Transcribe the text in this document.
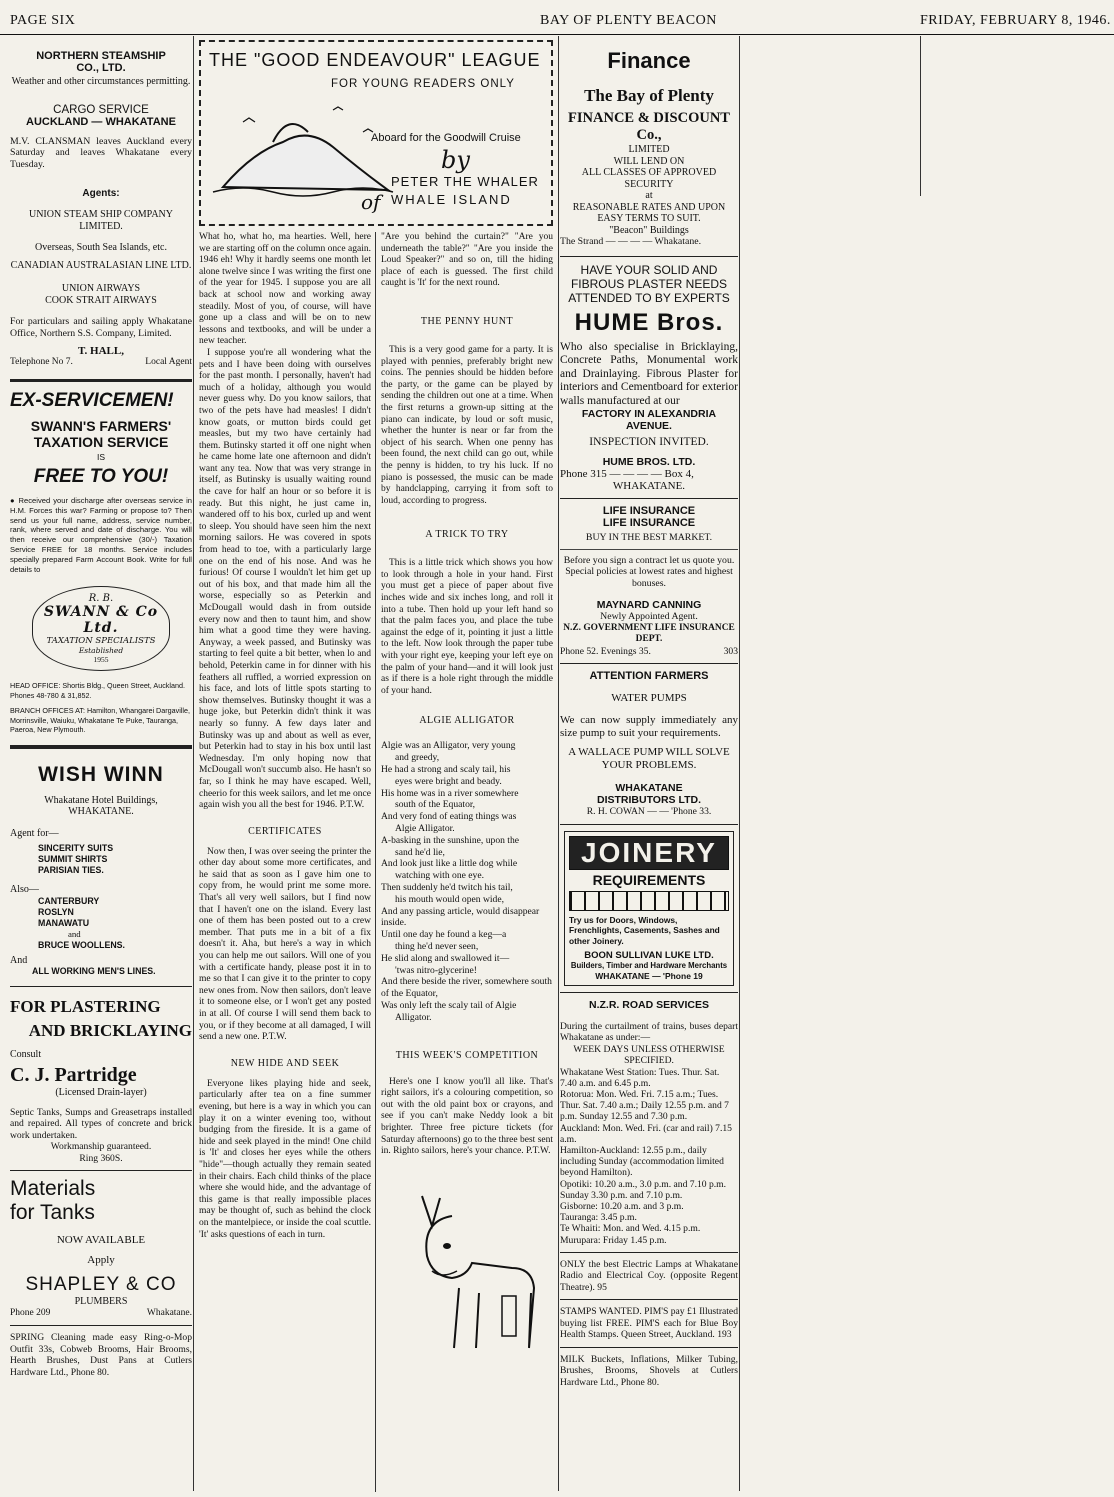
PAGE SIX	BAY OF PLENTY BEACON	FRIDAY, FEBRUARY 8, 1946.
NORTHERN STEAMSHIP
CO., LTD.
Weather and other circumstances permitting.
CARGO SERVICE
AUCKLAND — WHAKATANE
M.V. CLANSMAN leaves Auckland every Saturday and leaves Whakatane every Tuesday.
Agents:
UNION STEAM SHIP COMPANY LIMITED.
Overseas, South Sea Islands, etc.
CANADIAN AUSTRALASIAN LINE LTD.
UNION AIRWAYS
COOK STRAIT AIRWAYS
For particulars and sailing apply Whakatane Office, Northern S.S. Company, Limited.
T. HALL,
Telephone No 7.	Local Agent
EX-SERVICEMEN!
SWANN'S FARMERS'
TAXATION SERVICE
IS
FREE TO YOU!
● Received your discharge after overseas service in H.M. Forces this war? Farming or propose to? Then send us your full name, address, service number, rank, where served and date of discharge. You will then receive our comprehensive (30/-) Taxation Service FREE for 18 months. Service includes specially prepared Farm Account Book. Write for full details to
R. B.
SWANN & Co Ltd.
TAXATION SPECIALISTS
Established
1955
HEAD OFFICE: Shortis Bldg., Queen Street, Auckland. Phones 48-780 & 31,852.
BRANCH OFFICES AT: Hamilton, Whangarei Dargaville, Morrinsville, Waiuku, Whakatane Te Puke, Tauranga, Paeroa, New Plymouth.
WISH WINN
Whakatane Hotel Buildings,
WHAKATANE.
Agent for—
SINCERITY SUITS
SUMMIT SHIRTS
PARISIAN TIES.
Also—
CANTERBURY
ROSLYN
MANAWATU
and
BRUCE WOOLLENS.
And
ALL WORKING MEN'S LINES.
FOR PLASTERING
AND BRICKLAYING
Consult
C. J. Partridge
(Licensed Drain-layer)
Septic Tanks, Sumps and Greasetraps installed and repaired. All types of concrete and brick work undertaken.
Workmanship guaranteed.
Ring 360S.
Materials
for Tanks
NOW AVAILABLE
Apply
SHAPLEY & CO
PLUMBERS
Phone 209	Whakatane.
SPRING Cleaning made easy Ring-o-Mop Outfit 33s, Cobweb Brooms, Hair Brooms, Hearth Brushes, Dust Pans at Cutlers Hardware Ltd., Phone 80.
THE "GOOD ENDEAVOUR" LEAGUE
FOR YOUNG READERS ONLY
Aboard for the Goodwill Cruise
by
PETER THE WHALER
of WHALE ISLAND

What ho, what ho, ma hearties. Well, here we are starting off on the column once again. 1946 eh! Why it hardly seems one month let alone twelve since I was writing the first one of the year for 1945. I suppose you are all back at school now and working away steadily. Most of you, of course, will have gone up a class and will be on to new lessons and textbooks, and will be under a new teacher.

I suppose you're all wondering what the pets and I have been doing with ourselves for the past month. I personally, haven't had much of a holiday, although you would never guess why. Do you know sailors, that two of the pets have had measles! I didn't know goats, or mutton birds could get measles, but my two have certainly had them. Butinsky started it off one night when he came home late one afternoon and didn't want any tea. Now that was very strange in itself, as Butinsky is usually waiting round the cave for half an hour or so before it is ready. But this night, he just came in, wandered off to his box, curled up and went to sleep. You should have seen him the next morning sailors. He was covered in spots from head to toe, with a particularly large one on the end of his nose. And was he furious! Of course I wouldn't let him get up out of his box, and that made him all the worse, especially so as Peterkin and McDougall would dash in from outside every now and then to taunt him, and show him what a good time they were having. Anyway, a week passed, and Butinsky was starting to feel quite a bit better, when lo and behold, Peterkin came in for dinner with his feathers all ruffled, a worried expression on his face, and lots of little spots starting to show themselves. Butinsky thought it was a huge joke, but Peterkin didn't think it was nearly so funny. A few days later and Butinsky was up and about as well as ever, but Peterkin had to stay in his box until last Wednesday. I'm only hoping now that McDougall won't succumb also. He hasn't so far, so I think he may have escaped. Well, cheerio for this week sailors, and let me once again wish you all the best for 1946. P.T.W.

CERTIFICATES

Now then, I was over seeing the printer the other day about some more certificates, and he said that as soon as I gave him one to copy from, he would print me some more. That's all very well sailors, but I find now that I haven't one on the island. Every last one of them has been posted out to a crew member. That puts me in a bit of a fix doesn't it. Aha, but here's a way in which you can help me out sailors. Will one of you with a certificate handy, please post it in to me so that I can give it to the printer to copy new ones from. Now then sailors, don't leave it to someone else, or I won't get any posted in at all. Of course I will send them back to you, or if they become at all damaged, I will send a new one. P.T.W.

NEW HIDE AND SEEK

Everyone likes playing hide and seek, particularly after tea on a fine summer evening, but here is a way in which you can play it on a winter evening too, without budging from the fireside. It is a game of hide and seek played in the mind! One child is 'It' and closes her eyes while the others "hide"—though actually they remain seated in their chairs. Each child thinks of the place where she would hide, and the advantage of this game is that really impossible places may be thought of, such as behind the clock on the mantelpiece, or inside the coal scuttle. 'It' asks questions of each in turn.

"Are you behind the curtain?" "Are you underneath the table?" "Are you inside the Loud Speaker?" and so on, till the hiding place of each is guessed. The first child caught is 'It' for the next round.

THE PENNY HUNT

This is a very good game for a party. It is played with pennies, preferably bright new coins. The pennies should be hidden before the party, or the game can be played by sending the children out one at a time. When the first returns a grown-up sitting at the piano can indicate, by loud or soft music, whether the hunter is near or far from the object of his search. When one penny has been found, the next child can go out, while the penny is hidden, to try his luck. If no piano is possessed, the music can be made by handclapping, carrying it from soft to loud, according to progress.

A TRICK TO TRY

This is a little trick which shows you how to look through a hole in your hand. First you must get a piece of paper about five inches wide and six inches long, and roll it into a tube. Then hold up your left hand so that the palm faces you, and place the tube against the edge of it, pointing it just a little to the left. Now look through the paper tube with your right eye, keeping your left eye on the palm of your hand—and it will look just as if there is a hole right through the middle of your hand.

ALGIE ALLIGATOR

Algie was an Alligator, very young

and greedy,

He had a strong and scaly tail, his

eyes were bright and beady.

His home was in a river somewhere

south of the Equator,

And very fond of eating things was

Algie Alligator.

A-basking in the sunshine, upon the

sand he'd lie,

And look just like a little dog while

watching with one eye.

Then suddenly he'd twitch his tail,

his mouth would open wide,

And any passing article, would disappear inside.

Until one day he found a keg—a

thing he'd never seen,

He slid along and swallowed it—

'twas nitro-glycerine!

And there beside the river, somewhere south of the Equator,

Was only left the scaly tail of Algie

Alligator.

THIS WEEK'S COMPETITION

Here's one I know you'll all like. That's right sailors, it's a colouring competition, so out with the old paint box or crayons, and see if you can't make Neddy look a bit brighter. Three free picture tickets (for Saturday afternoons) go to the three best sent in. Righto sailors, here's your chance. P.T.W.

Finance
The Bay of Plenty
FINANCE & DISCOUNT Co.,
LIMITED
WILL LEND ON
ALL CLASSES OF APPROVED SECURITY
at
REASONABLE RATES AND UPON EASY TERMS TO SUIT.
"Beacon" Buildings
The Strand — — — — Whakatane.
HAVE YOUR SOLID AND FIBROUS PLASTER NEEDS ATTENDED TO BY EXPERTS
HUME Bros.
Who also specialise in Bricklaying, Concrete Paths, Monumental work and Drainlaying. Fibrous Plaster for interiors and Cementboard for exterior walls manufactured at our
FACTORY IN ALEXANDRIA AVENUE.
INSPECTION INVITED.
HUME BROS. LTD.
Phone 315 — — — — Box 4,
WHAKATANE.
LIFE INSURANCE
LIFE INSURANCE
BUY IN THE BEST MARKET.
Before you sign a contract let us quote you. Special policies at lowest rates and highest bonuses.
MAYNARD CANNING
Newly Appointed Agent.
N.Z. GOVERNMENT LIFE INSURANCE DEPT.
Phone 52. Evenings 35.	303
ATTENTION FARMERS
WATER PUMPS
We can now supply immediately any size pump to suit your requirements.
A WALLACE PUMP WILL SOLVE YOUR PROBLEMS.
WHAKATANE
DISTRIBUTORS LTD.
R. H. COWAN — — 'Phone 33.
JOINERY
REQUIREMENTS
Try us for Doors, Windows, Frenchlights, Casements, Sashes and other Joinery.
BOON SULLIVAN LUKE LTD.
Builders, Timber and Hardware Merchants
WHAKATANE — 'Phone 19
N.Z.R. ROAD SERVICES
During the curtailment of trains, buses depart Whakatane as under:—
WEEK DAYS UNLESS OTHERWISE SPECIFIED.

Whakatane West Station: Tues. Thur. Sat. 7.40 a.m. and 6.45 p.m.

Rotorua: Mon. Wed. Fri. 7.15 a.m.; Tues. Thur. Sat. 7.40 a.m.; Daily 12.55 p.m. and 7 p.m. Sunday 12.55 and 7.30 p.m.

Auckland: Mon. Wed. Fri. (car and rail) 7.15 a.m.

Hamilton-Auckland: 12.55 p.m., daily including Sunday (accommodation limited beyond Hamilton).

Opotiki: 10.20 a.m., 3.0 p.m. and 7.10 p.m. Sunday 3.30 p.m. and 7.10 p.m.

Gisborne: 10.20 a.m. and 3 p.m.

Tauranga: 3.45 p.m.

Te Whaiti: Mon. and Wed. 4.15 p.m.

Murupara: Friday 1.45 p.m.

ONLY the best Electric Lamps at Whakatane Radio and Electrical Coy. (opposite Regent Theatre). 95
STAMPS WANTED. PIM'S pay £1 Illustrated buying list FREE. PIM'S each for Blue Boy Health Stamps. Queen Street, Auckland. 193
MILK Buckets, Inflations, Milker Tubing, Brushes, Brooms, Shovels at Cutlers Hardware Ltd., Phone 80.
